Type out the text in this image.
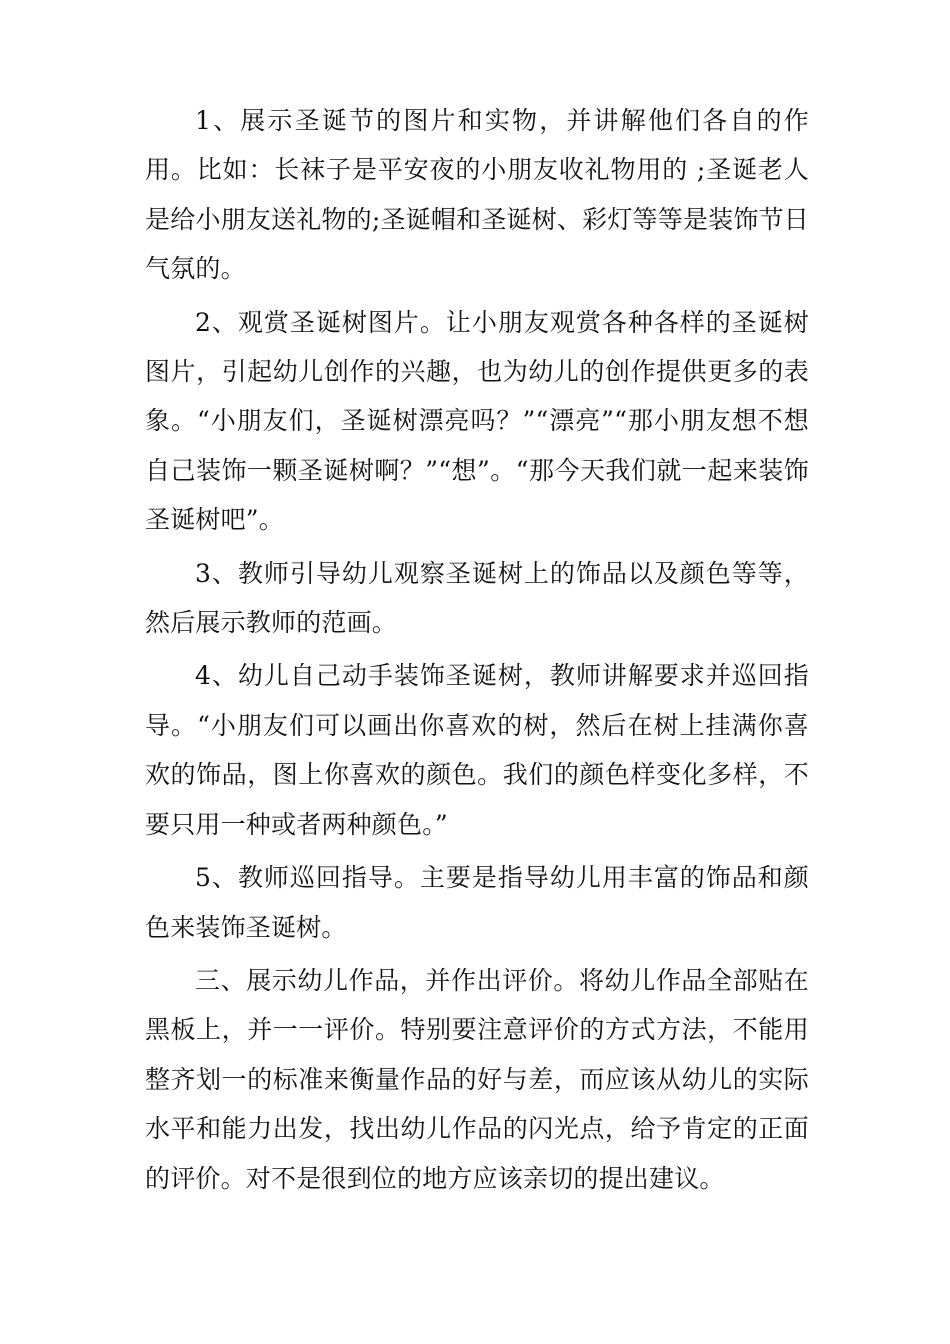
1、展示圣诞节的图片和实物，并讲解他们各自的作用。比如：长袜子是平安夜的小朋友收礼物用的 ;圣诞老人是给小朋友送礼物的;圣诞帽和圣诞树、彩灯等等是装饰节日气氛的。

2、观赏圣诞树图片。让小朋友观赏各种各样的圣诞树图片，引起幼儿创作的兴趣，也为幼儿的创作提供更多的表象。“小朋友们，圣诞树漂亮吗？”“漂亮”“那小朋友想不想自己装饰一颗圣诞树啊？”“想”。“那今天我们就一起来装饰圣诞树吧”。

3、教师引导幼儿观察圣诞树上的饰品以及颜色等等，然后展示教师的范画。

4、幼儿自己动手装饰圣诞树，教师讲解要求并巡回指导。“小朋友们可以画出你喜欢的树，然后在树上挂满你喜欢的饰品，图上你喜欢的颜色。我们的颜色样变化多样，不要只用一种或者两种颜色。”

5、教师巡回指导。主要是指导幼儿用丰富的饰品和颜色来装饰圣诞树。

三、展示幼儿作品，并作出评价。将幼儿作品全部贴在黑板上，并一一评价。特别要注意评价的方式方法，不能用整齐划一的标准来衡量作品的好与差，而应该从幼儿的实际水平和能力出发，找出幼儿作品的闪光点，给予肯定的正面的评价。对不是很到位的地方应该亲切的提出建议。
